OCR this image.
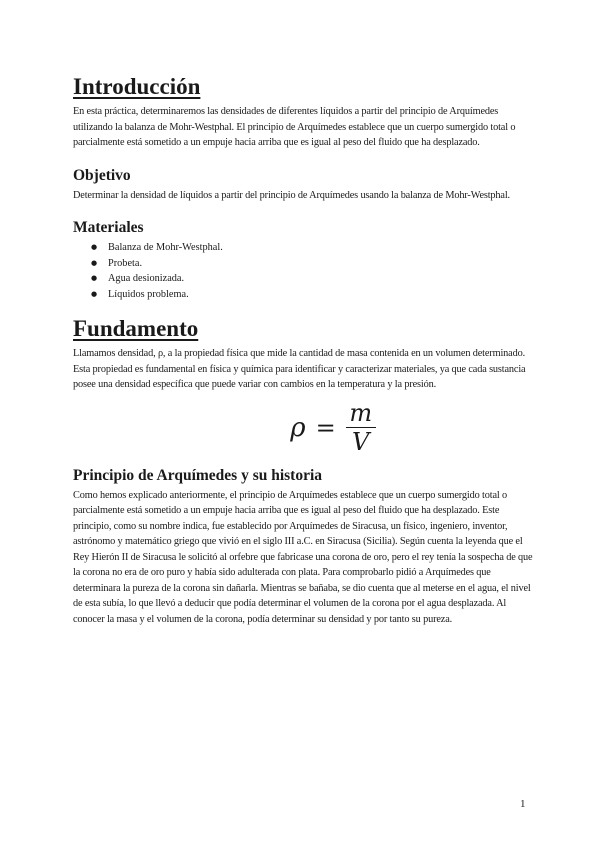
Introducción

En esta práctica, determinaremos las densidades de diferentes líquidos a partir del principio de Arquímedes utilizando la balanza de Mohr-Westphal. El principio de Arquímedes establece que un cuerpo sumergido total o parcialmente está sometido a un empuje hacia arriba que es igual al peso del fluido que ha desplazado.

Objetivo

Determinar la densidad de líquidos a partir del principio de Arquímedes usando la balanza de Mohr-Westphal.

Materiales
● Balanza de Mohr-Westphal.
● Probeta.
● Agua desionizada.
● Líquidos problema.
Fundamento

Llamamos densidad, ρ, a la propiedad física que mide la cantidad de masa contenida en un volumen determinado. Esta propiedad es fundamental en física y química para identificar y caracterizar materiales, ya que cada sustancia posee una densidad específica que puede variar con cambios en la temperatura y la presión.

$\rho = \frac{m}{V}$
Principio de Arquímedes y su historia

Como hemos explicado anteriormente, el principio de Arquímedes establece que un cuerpo sumergido total o parcialmente está sometido a un empuje hacia arriba que es igual al peso del fluido que ha desplazado. Este principio, como su nombre indica, fue establecido por Arquímedes de Siracusa, un físico, ingeniero, inventor, astrónomo y matemático griego que vivió en el siglo III a.C. en Siracusa (Sicilia). Según cuenta la leyenda que el Rey Hierón II de Siracusa le solicitó al orfebre que fabricase una corona de oro, pero el rey tenía la sospecha de que la corona no era de oro puro y había sido adulterada con plata. Para comprobarlo pidió a Arquímedes que determinara la pureza de la corona sin dañarla. Mientras se bañaba, se dio cuenta que al meterse en el agua, el nivel de esta subía, lo que llevó a deducir que podía determinar el volumen de la corona por el agua desplazada. Al conocer la masa y el volumen de la corona, podía determinar su densidad y por tanto su pureza.

1
